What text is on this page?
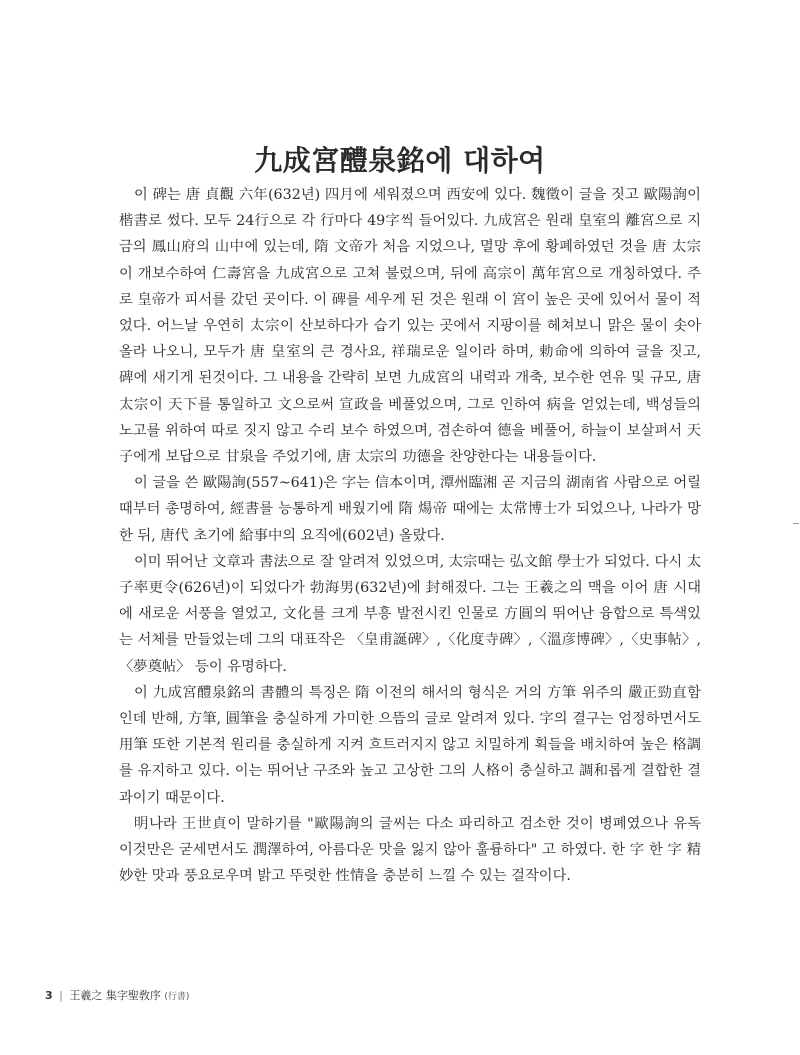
九成宮醴泉銘에 대하여

이 碑는 唐 貞觀 六年(632년) 四月에 세워졌으며 西安에 있다. 魏徵이 글을 짓고 歐陽詢이 楷書로 썼다. 모두 24行으로 각 行마다 49字씩 들어있다. 九成宮은 원래 皇室의 離宮으로 지금의 鳳山府의 山中에 있는데, 隋 文帝가 처음 지었으나, 멸망 후에 황폐하였던 것을 唐 太宗이 개보수하여 仁壽宮을 九成宮으로 고쳐 불렀으며, 뒤에 高宗이 萬年宮으로 개칭하였다. 주로 皇帝가 피서를 갔던 곳이다. 이 碑를 세우게 된 것은 원래 이 宮이 높은 곳에 있어서 물이 적었다. 어느날 우연히 太宗이 산보하다가 습기 있는 곳에서 지팡이를 헤쳐보니 맑은 물이 솟아 올라 나오니, 모두가 唐 皇室의 큰 경사요, 祥瑞로운 일이라 하며, 勅命에 의하여 글을 짓고, 碑에 새기게 된것이다. 그 내용을 간략히 보면 九成宮의 내력과 개축, 보수한 연유 및 규모, 唐 太宗이 天下를 통일하고 文으로써 宣政을 베풀었으며, 그로 인하여 病을 얻었는데, 백성들의 노고를 위하여 따로 짓지 않고 수리 보수 하였으며, 겸손하여 德을 베풀어, 하늘이 보살펴서 天子에게 보답으로 甘泉을 주었기에, 唐 太宗의 功德을 찬양한다는 내용들이다.

이 글을 쓴 歐陽詢(557~641)은 字는 信本이며, 潭州臨湘 곧 지금의 湖南省 사람으로 어릴 때부터 총명하여, 經書를 능통하게 배웠기에 隋 煬帝 때에는 太常博士가 되었으나, 나라가 망한 뒤, 唐代 초기에 給事中의 요직에(602년) 올랐다.

이미 뛰어난 文章과 書法으로 잘 알려져 있었으며, 太宗때는 弘文館 學士가 되었다. 다시 太子率更令(626년)이 되었다가 勃海男(632년)에 封해졌다. 그는 王羲之의 맥을 이어 唐 시대에 새로운 서풍을 열었고, 文化를 크게 부흥 발전시킨 인물로 方圓의 뛰어난 융합으로 특색있는 서체를 만들었는데 그의 대표작은 〈皇甫誕碑〉,〈化度寺碑〉,〈溫彦博碑〉,〈史事帖〉,〈夢奠帖〉 등이 유명하다.

이 九成宮醴泉銘의 書體의 특징은 隋 이전의 해서의 형식은 거의 方筆 위주의 嚴正勁直함인데 반해, 方筆, 圓筆을 충실하게 가미한 으뜸의 글로 알려져 있다. 字의 결구는 엄정하면서도 用筆 또한 기본적 원리를 충실하게 지켜 흐트러지지 않고 치밀하게 획들을 배치하여 높은 格調를 유지하고 있다. 이는 뛰어난 구조와 높고 고상한 그의 人格이 충실하고 調和롭게 결합한 결과이기 때문이다.

明나라 王世貞이 말하기를 "歐陽詢의 글씨는 다소 파리하고 검소한 것이 병폐였으나 유독 이것만은 굳세면서도 潤澤하여, 아름다운 맛을 잃지 않아 훌륭하다" 고 하였다. 한 字 한 字 精妙한 맛과 풍요로우며 밝고 뚜렷한 性情을 충분히 느낄 수 있는 걸작이다.

3 | 王羲之 集字聖敎序 (行書)
